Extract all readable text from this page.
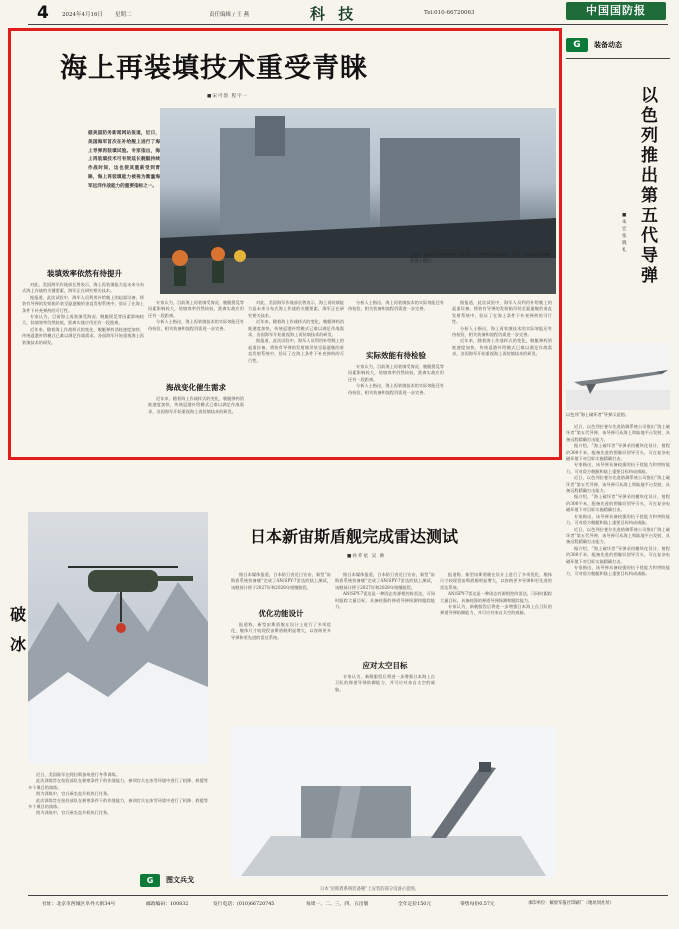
4 2024年4月16日 星期二	责任编辑 / 王 燕	科 技	Tel:010-66720063	中国国防报
海上再装填技术重受青睐
■宋可韵 程宇一
据美国防务新闻网站报道，近日，美国海军首次在补给舰上进行了海上导弹再装填试验。专家指出，海上再装填技术可有效延长舰艇持续作战时间，这也使其重新受到青睐，海上再装填能力被视为衡量海军远洋作战能力的重要指标之一。
上图：美海军在补给舰上进行海上导弹再装填试验；下图：美海军驱逐舰在海上航行。
装填效率依然有待提升
对此，美国海军作战部长曾表示，海上再装填能力是未来分布式海上作战的关键要素，海军正在研究相关技术。
据报道，此次试验中，海军人员利用补给舰上的起重设备，将装有导弹的发射箱吊装至驱逐舰的垂直发射系统中，验证了在海上条件下补充弹药的可行性。
专家认为，目前海上再装填受海况、舰艇摇晃等因素影响较大，装填效率仍然较低，距离实战应用还有一段距离。
近年来，随着海上作战样式的变化，舰艇弹药消耗速度加快，传统返港补给模式已难以满足作战需求，各国海军开始重视海上再装填技术的研发。
专家认为，目前海上再装填受海况、舰艇摇晃等因素影响较大，装填效率仍然较低，距离实战应用还有一段距离。
分析人士指出，海上再装填技术的实际效能还有待检验，相关装备和流程仍需进一步完善。
海战变化催生需求
近年来，随着海上作战样式的变化，舰艇弹药消耗速度加快，传统返港补给模式已难以满足作战需求，各国海军开始重视海上再装填技术的研发。
对此，美国海军作战部长曾表示，海上再装填能力是未来分布式海上作战的关键要素，海军正在研究相关技术。
近年来，随着海上作战样式的变化，舰艇弹药消耗速度加快，传统返港补给模式已难以满足作战需求，各国海军开始重视海上再装填技术的研发。
据报道，此次试验中，海军人员利用补给舰上的起重设备，将装有导弹的发射箱吊装至驱逐舰的垂直发射系统中，验证了在海上条件下补充弹药的可行性。
分析人士指出，海上再装填技术的实际效能还有待检验，相关装备和流程仍需进一步完善。
实际效能有待检验
专家认为，目前海上再装填受海况、舰艇摇晃等因素影响较大，装填效率仍然较低，距离实战应用还有一段距离。
分析人士指出，海上再装填技术的实际效能还有待检验，相关装备和流程仍需进一步完善。
据报道，此次试验中，海军人员利用补给舰上的起重设备，将装有导弹的发射箱吊装至驱逐舰的垂直发射系统中，验证了在海上条件下补充弹药的可行性。
分析人士指出，海上再装填技术的实际效能还有待检验，相关装备和流程仍需进一步完善。
近年来，随着海上作战样式的变化，舰艇弹药消耗速度加快，传统返港补给模式已难以满足作战需求，各国海军开始重视海上再装填技术的研发。
G	装备动态
以色列推出第五代导弹
■朱 宏 张晓礼
以色列“海上破坏者”导弹示意图。
近日，以色列拉斐尔先进防御系统公司推出“海上破坏者”第五代导弹，该导弹可从海上和陆地平台发射，具备远程精确打击能力。
据介绍，“海上破坏者”导弹采用模块化设计，射程约300千米，配备先进的图像识别导引头，可在复杂电磁环境下对目标实施精确打击。
专家指出，该导弹具备较强的抗干扰能力和突防能力，可对敌方舰艇和陆上重要目标构成威胁。
近日，以色列拉斐尔先进防御系统公司推出“海上破坏者”第五代导弹，该导弹可从海上和陆地平台发射，具备远程精确打击能力。
据介绍，“海上破坏者”导弹采用模块化设计，射程约300千米，配备先进的图像识别导引头，可在复杂电磁环境下对目标实施精确打击。
专家指出，该导弹具备较强的抗干扰能力和突防能力，可对敌方舰艇和陆上重要目标构成威胁。
近日，以色列拉斐尔先进防御系统公司推出“海上破坏者”第五代导弹，该导弹可从海上和陆地平台发射，具备远程精确打击能力。
据介绍，“海上破坏者”导弹采用模块化设计，射程约300千米，配备先进的图像识别导引头，可在复杂电磁环境下对目标实施精确打击。
专家指出，该导弹具备较强的抗干扰能力和突防能力，可对敌方舰艇和陆上重要目标构成威胁。
破冰
近日，美国陆军在阿拉斯加州进行冬季训练。
此次训练旨在检验部队在极寒条件下的作战能力，参训官兵在冰雪环境中进行了机降、救援等多个课目的演练。
图为训练中，官兵乘坐直升机执行任务。
此次训练旨在检验部队在极寒条件下的作战能力，参训官兵在冰雪环境中进行了机降、救援等多个课目的演练。
图为训练中，官兵乘坐直升机执行任务。
G	图文兵戈
日本新宙斯盾舰完成雷达测试
■孙乔星 吴 帅
据日本媒体报道，日本防卫省近日宣布，新型“宙斯盾系统装备舰”完成了AN/SPY-7雷达的陆上测试，该舰预计将于2027年和2028年相继服役。
优化功能设计
报道称，新型宙斯盾舰在设计上进行了多项优化，舰体尺寸较现役宙斯盾舰明显增大，以容纳更多导弹和更先进的雷达系统。
据日本媒体报道，日本防卫省近日宣布，新型“宙斯盾系统装备舰”完成了AN/SPY-7雷达的陆上测试，该舰预计将于2027年和2028年相继服役。
AN/SPY-7雷达是一种固态有源相控阵雷达，可同时跟踪大量目标，具备较强的弹道导弹探测和跟踪能力。
应对太空目标
专家认为，新舰服役后将进一步增强日本海上自卫队的弹道导弹防御能力，并可应对来自太空的威胁。
报道称，新型宙斯盾舰在设计上进行了多项优化，舰体尺寸较现役宙斯盾舰明显增大，以容纳更多导弹和更先进的雷达系统。
AN/SPY-7雷达是一种固态有源相控阵雷达，可同时跟踪大量目标，具备较强的弹道导弹探测和跟踪能力。
专家认为，新舰服役后将进一步增强日本海上自卫队的弹道导弹防御能力，并可应对来自太空的威胁。
日本“宙斯盾系统装备舰”上安装的部分设备示意图。
社址：北京市西城区阜外大街34号	邮政编码：100832	发行电话：(010)66720745	每周一、二、三、四、五出版	全年定价150元	零售每份0.57元	承印单位：解放军报社印刷厂（地址同社址）
